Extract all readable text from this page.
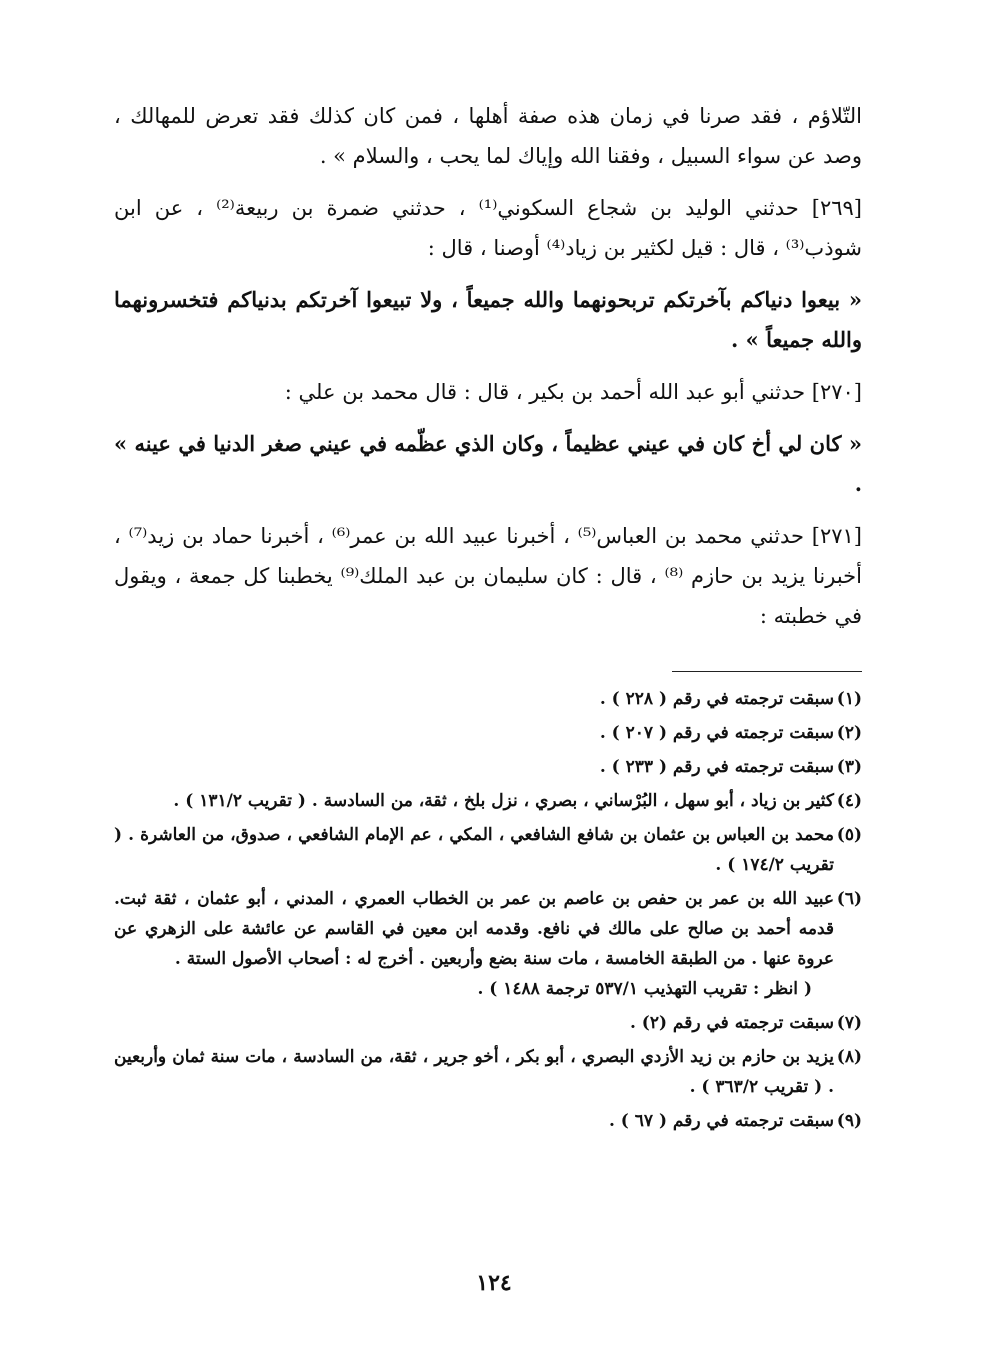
التّلاؤم ، فقد صرنا في زمان هذه صفة أهلها ، فمن كان كذلك فقد تعرض للمهالك ، وصد عن سواء السبيل ، وفقنا الله وإياك لما يحب ، والسلام » .

[٢٦٩] حدثني الوليد بن شجاع السكوني⁽¹⁾ ، حدثني ضمرة بن ربيعة⁽²⁾ ، عن ابن شوذب⁽³⁾ ، قال : قيل لكثير بن زياد⁽⁴⁾ أوصنا ، قال :

« بيعوا دنياكم بآخرتكم تربحونهما والله جميعاً ، ولا تبيعوا آخرتكم بدنياكم فتخسرونهما والله جميعاً » .

[٢٧٠] حدثني أبو عبد الله أحمد بن بكير ، قال : قال محمد بن علي :

« كان لي أخ كان في عيني عظيماً ، وكان الذي عظّمه في عيني صغر الدنيا في عينه » .

[٢٧١] حدثني محمد بن العباس⁽⁵⁾ ، أخبرنا عبيد الله بن عمر⁽⁶⁾ ، أخبرنا حماد بن زيد⁽⁷⁾ ، أخبرنا يزيد بن حازم ⁽⁸⁾ ، قال : كان سليمان بن عبد الملك⁽⁹⁾ يخطبنا كل جمعة ، ويقول في خطبته :

(١)سبقت ترجمته في رقم ( ٢٢٨ ) .
(٢)سبقت ترجمته في رقم ( ٢٠٧ ) .
(٣)سبقت ترجمته في رقم ( ٢٣٣ ) .
(٤)كثير بن زياد ، أبو سهل ، البُرْساني ، بصري ، نزل بلخ ، ثقة، من السادسة . ( تقريب ١٣١/٢ ) .
(٥)محمد بن العباس بن عثمان بن شافع الشافعي ، المكي ، عم الإمام الشافعي ، صدوق، من العاشرة . ( تقريب ١٧٤/٢ ) .
(٦)عبيد الله بن عمر بن حفص بن عاصم بن عمر بن الخطاب العمري ، المدني ، أبو عثمان ، ثقة ثبت. قدمه أحمد بن صالح على مالك في نافع. وقدمه ابن معين في القاسم عن عائشة على الزهري عن عروة عنها . من الطبقة الخامسة ، مات سنة بضع وأربعين . أخرج له : أصحاب الأصول الستة .
( انظر : تقريب التهذيب ٥٣٧/١ ترجمة ١٤٨٨ ) .
(٧)سبقت ترجمته في رقم (٢) .
(٨)يزيد بن حازم بن زيد الأزدي البصري ، أبو بكر ، أخو جرير ، ثقة، من السادسة ، مات سنة ثمان وأربعين . ( تقريب ٣٦٣/٢ ) .
(٩)سبقت ترجمته في رقم ( ٦٧ ) .
١٢٤
